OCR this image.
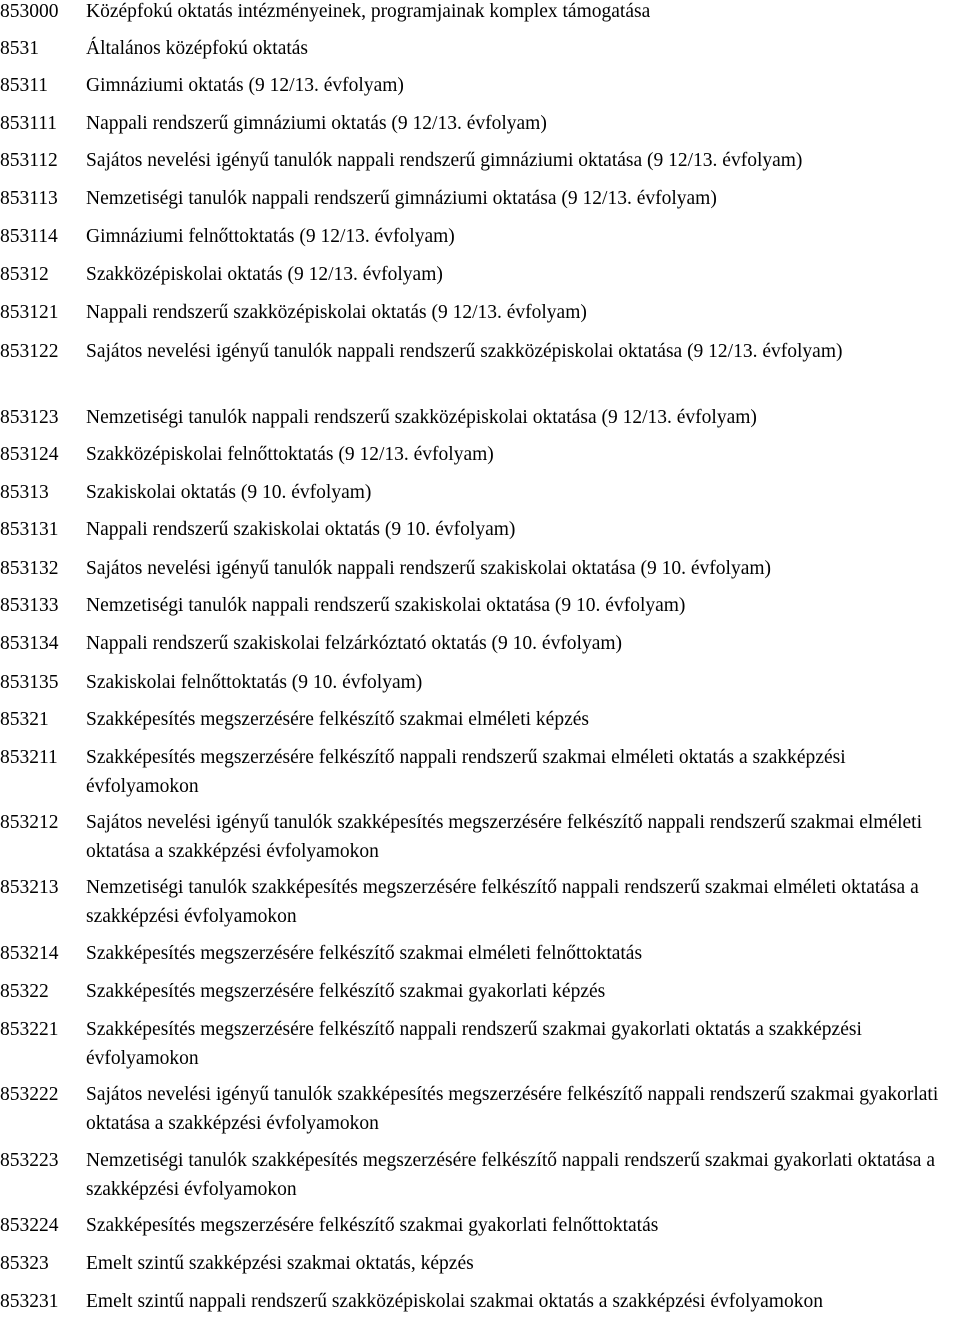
853000 Középfokú oktatás intézményeinek, programjainak komplex támogatása
8531 Általános középfokú oktatás
85311 Gimnáziumi oktatás (9 12/13. évfolyam)
853111 Nappali rendszerű gimnáziumi oktatás (9 12/13. évfolyam)
853112 Sajátos nevelési igényű tanulók nappali rendszerű gimnáziumi oktatása (9 12/13. évfolyam)
853113 Nemzetiségi tanulók nappali rendszerű gimnáziumi oktatása (9 12/13. évfolyam)
853114 Gimnáziumi felnőttoktatás (9 12/13. évfolyam)
85312 Szakközépiskolai oktatás (9 12/13. évfolyam)
853121 Nappali rendszerű szakközépiskolai oktatás (9 12/13. évfolyam)
853122 Sajátos nevelési igényű tanulók nappali rendszerű szakközépiskolai oktatása (9 12/13. évfolyam)
853123 Nemzetiségi tanulók nappali rendszerű szakközépiskolai oktatása (9 12/13. évfolyam)
853124 Szakközépiskolai felnőttoktatás (9 12/13. évfolyam)
85313 Szakiskolai oktatás (9 10. évfolyam)
853131 Nappali rendszerű szakiskolai oktatás (9 10. évfolyam)
853132 Sajátos nevelési igényű tanulók nappali rendszerű szakiskolai oktatása (9 10. évfolyam)
853133 Nemzetiségi tanulók nappali rendszerű szakiskolai oktatása (9 10. évfolyam)
853134 Nappali rendszerű szakiskolai felzárkóztató oktatás (9 10. évfolyam)
853135 Szakiskolai felnőttoktatás (9 10. évfolyam)
85321 Szakképesítés megszerzésére felkészítő szakmai elméleti képzés
853211 Szakképesítés megszerzésére felkészítő nappali rendszerű szakmai elméleti oktatás a szakképzési évfolyamokon
853212 Sajátos nevelési igényű tanulók szakképesítés megszerzésére felkészítő nappali rendszerű szakmai elméleti oktatása a szakképzési évfolyamokon
853213 Nemzetiségi tanulók szakképesítés megszerzésére felkészítő nappali rendszerű szakmai elméleti oktatása a szakképzési évfolyamokon
853214 Szakképesítés megszerzésére felkészítő szakmai elméleti felnőttoktatás
85322 Szakképesítés megszerzésére felkészítő szakmai gyakorlati képzés
853221 Szakképesítés megszerzésére felkészítő nappali rendszerű szakmai gyakorlati oktatás a szakképzési évfolyamokon
853222 Sajátos nevelési igényű tanulók szakképesítés megszerzésére felkészítő nappali rendszerű szakmai gyakorlati oktatása a szakképzési évfolyamokon
853223 Nemzetiségi tanulók szakképesítés megszerzésére felkészítő nappali rendszerű szakmai gyakorlati oktatása a szakképzési évfolyamokon
853224 Szakképesítés megszerzésére felkészítő szakmai gyakorlati felnőttoktatás
85323 Emelt szintű szakképzési szakmai oktatás, képzés
853231 Emelt szintű nappali rendszerű szakközépiskolai szakmai oktatás a szakképzési évfolyamokon
